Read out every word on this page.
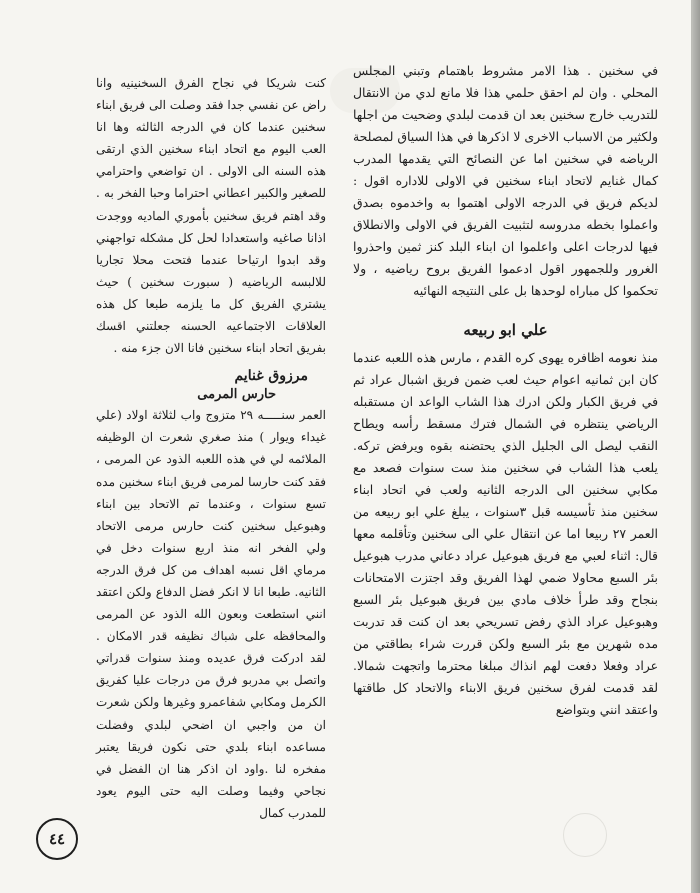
في سخنين . هذا الامر مشروط باهتمام وتبني المجلس المحلي . وان لم احقق حلمي هذا فلا مانع لدي من الانتقال للتدريب خارج سخنين بعد ان قدمت لبلدي وضحيت من اجلها ولكثير من الاسباب الاخرى لا اذكرها في هذا السياق لمصلحة الرياضه في سخنين اما عن النصائح التي يقدمها المدرب كمال غنايم لاتحاد ابناء سخنين في الاولى للاداره اقول : لديكم فريق في الدرجه الاولى اهتموا به واخدموه بصدق واعملوا بخطه مدروسه لتثبيت الفريق في الاولى والانطلاق فيها لدرجات اعلى واعلموا ان ابناء البلد كنز ثمين واحذروا الغرور وللجمهور اقول ادعموا الفريق بروح رياضيه ، ولا تحكموا كل مباراه لوحدها بل على النتيجه النهائيه

علي ابو ربيعه

منذ نعومه اظافره يهوى كره القدم ، مارس هذه اللعبه عندما كان ابن ثمانيه اعوام حيث لعب ضمن فريق اشبال عراد ثم في فريق الكبار ولكن ادرك هذا الشاب الواعد ان مستقبله الرياضي ينتظره في الشمال فترك مسقط رأسه ويطاح النقب ليصل الى الجليل الذي يحتضنه بقوه ويرفض تركه. يلعب هذا الشاب في سخنين منذ ست سنوات فصعد مع مكابي سخنين الى الدرجه الثانيه ولعب في اتحاد ابناء سخنين منذ تأسيسه قبل ٣سنوات ، يبلغ علي ابو ربيعه من العمر ٢٧ ربيعا اما عن انتقال علي الى سخنين وتأقلمه معها قال: اثناء لعبي مع فريق هبوعيل عراد دعاني مدرب هبوعيل بئر السبع محاولا ضمي لهذا الفريق وقد اجتزت الامتحانات بنجاح وقد طرأ خلاف مادي بين فريق هبوعيل بئر السبع وهبوعيل عراد الذي رفض تسريحي بعد ان كنت قد تدربت مده شهرين مع بئر السبع ولكن قررت شراء بطاقتي من عراد وفعلا دفعت لهم انذاك مبلغا محترما واتجهت شمالا. لقد قدمت لفرق سخنين فريق الابناء والاتحاد كل طاقتها واعتقد انني وبتواضع

كنت شريكا في نجاح الفرق السخنينيه وانا راض عن نفسي جدا فقد وصلت الى فريق ابناء سخنين عندما كان في الدرجه الثالثه وها انا العب اليوم مع اتحاد ابناء سخنين الذي ارتقى هذه السنه الى الاولى . ان تواضعي واحترامي للصغير والكبير اعطاني احتراما وحبا الفخر به . وقد اهتم فريق سخنين بأموري الماديه ووجدت اذانا صاغيه واستعدادا لحل كل مشكله تواجهني وقد ابدوا ارتياحا عندما فتحت محلا تجاريا للالبسه الرياضيه ( سبورت سخنين ) حيث يشتري الفريق كل ما يلزمه طبعا كل هذه العلاقات الاجتماعيه الحسنه جعلتني اقسك بفريق اتحاد ابناء سخنين فانا الان جزء منه .

مرزوق غنايم
حارس المرمى

العمر سنـــــه ٢٩ متزوج واب لثلاثة اولاد (علي غيداء ويوار ) منذ صغري شعرت ان الوظيفه الملائمه لي في هذه اللعبه الذود عن المرمى ، فقد كنت حارسا لمرمى فريق ابناء سخنين مده تسع سنوات ، وعندما تم الاتحاد بين ابناء وهبوعيل سخنين كنت حارس مرمى الاتحاد ولي الفخر انه منذ اربع سنوات دخل في مرماي اقل نسبه اهداف من كل فرق الدرجه الثانيه. طبعا انا لا انكر فضل الدفاع ولكن اعتقد انني استطعت وبعون الله الذود عن المرمى والمحافظه على شباك نظيفه قدر الامكان . لقد ادركت فرق عديده ومنذ سنوات قدراتي واتصل بي مدربو فرق من درجات عليا كفريق الكرمل ومكابي شفاعمرو وغيرها ولكن شعرت ان من واجبي ان اضحي لبلدي وفضلت مساعده ابناء بلدي حتى نكون فريقا يعتبر مفخره لنا .واود ان اذكر هنا ان الفضل في نجاحي وفيما وصلت اليه حتى اليوم يعود للمدرب كمال

٤٤
